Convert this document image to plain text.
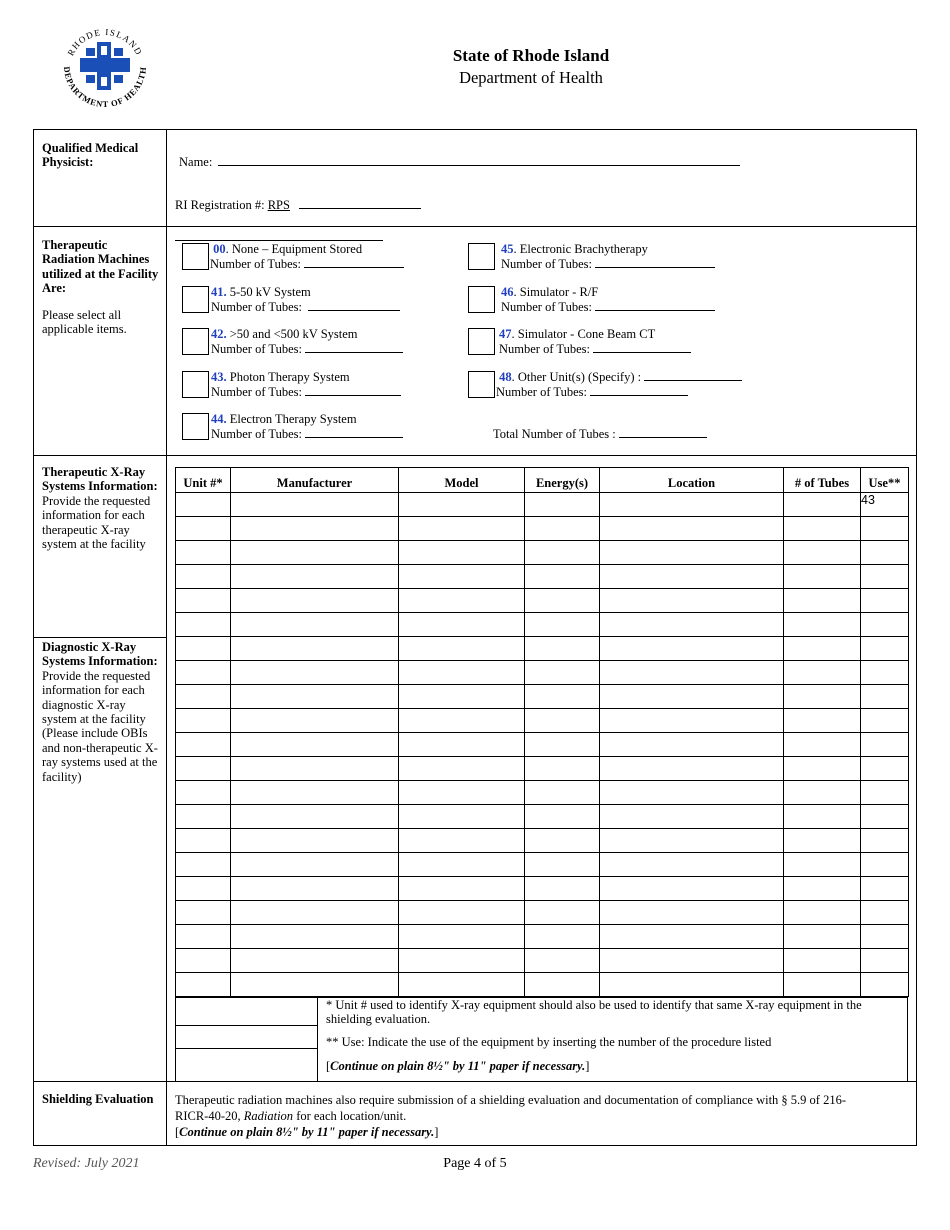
RHODE ISLAND
DEPARTMENT OF HEALTH
State of Rhode Island
Department of Health
Qualified Medical Physicist:	Name:
RI Registration #: RPS
Therapeutic Radiation Machines utilized at the Facility Are:
Please select all applicable items.
00. None – Equipment Stored
Number of Tubes:
41. 5-50 kV System
Number of Tubes:
42. >50 and <500 kV System
Number of Tubes:
43. Photon Therapy System
Number of Tubes:
44. Electron Therapy System
Number of Tubes:
45. Electronic Brachytherapy
Number of Tubes:
46. Simulator - R/F
Number of Tubes:
47. Simulator - Cone Beam CT
Number of Tubes:
48. Other Unit(s) (Specify) :
Number of Tubes:
Total Number of Tubes :
Therapeutic X-Ray Systems Information: Provide the requested information for each therapeutic X-ray system at the facility
Diagnostic X-Ray Systems Information: Provide the requested information for each diagnostic X-ray system at the facility (Please include OBIs and non-therapeutic X-ray systems used at the facility)
Unit #*	Manufacturer	Model	Energy(s)	Location	# of Tubes	Use**
						43

* Unit # used to identify X-ray equipment should also be used to identify that same X-ray equipment in the shielding evaluation.
** Use: Indicate the use of the equipment by inserting the number of the procedure listed
[Continue on plain 8½" by 11" paper if necessary.]
Shielding Evaluation	Therapeutic radiation machines also require submission of a shielding evaluation and documentation of compliance with § 5.9 of 216-RICR-40-20, Radiation for each location/unit.
[Continue on plain 8½" by 11" paper if necessary.]
Revised: July 2021	Page 4 of 5
